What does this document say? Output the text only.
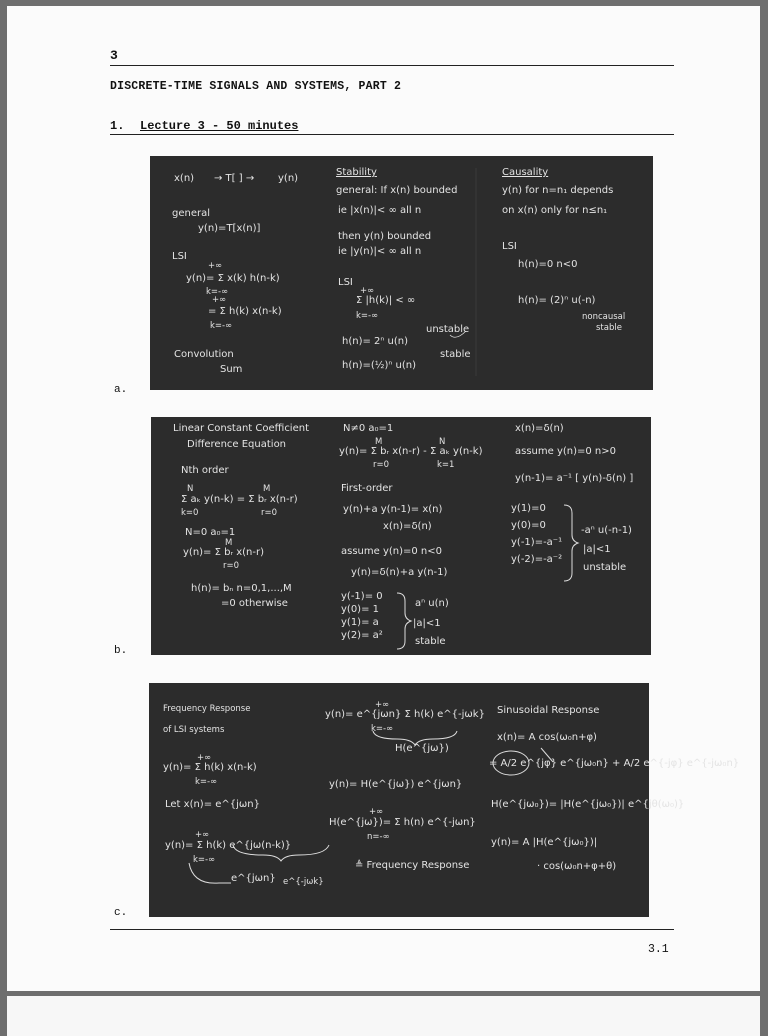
3
DISCRETE-TIME SIGNALS AND SYSTEMS, PART 2
1. Lecture 3 - 50 minutes
x(n) → T[ ] → y(n)
general
y(n)=T[x(n)]
LSI
y(n)= Σ x(k) h(n-k)
k=-∞
+∞
= Σ h(k) x(n-k)
k=-∞
+∞
Convolution
Sum
Stability
general: If x(n) bounded
ie |x(n)|< ∞ all n
then y(n) bounded
ie |y(n)|< ∞ all n
LSI
Σ |h(k)| < ∞
k=-∞
+∞
h(n)= 2ⁿ u(n)
unstable
h(n)=(½)ⁿ u(n)
stable
Causality
y(n) for n=n₁ depends
on x(n) only for n≤n₁
LSI
h(n)=0 n<0
h(n)= (2)ⁿ u(-n)
noncausal
stable
a.
Linear Constant Coefficient
Difference Equation
Nth order
Σ aₖ y(n-k) = Σ bᵣ x(n-r)
k=0	r=0
N	M
N=0 a₀=1
y(n)= Σ bᵣ x(n-r)
r=0
M
h(n)= bₙ n=0,1,...,M
=0 otherwise
N≠0 a₀=1
y(n)= Σ bᵣ x(n-r) - Σ aₖ y(n-k)
r=0	k=1
M	N
First-order
y(n)+a y(n-1)= x(n)
x(n)=δ(n)
assume y(n)=0 n<0
y(n)=δ(n)+a y(n-1)
y(-1)= 0
y(0)= 1
y(1)= a
y(2)= a²
aⁿ u(n)
|a|<1
stable
x(n)=δ(n)
assume y(n)=0 n>0
y(n-1)= a⁻¹ [ y(n)-δ(n) ]
y(1)=0
y(0)=0
y(-1)=-a⁻¹
y(-2)=-a⁻²
-aⁿ u(-n-1)
|a|<1
unstable
b.
Frequency Response
of LSI systems
y(n)= Σ h(k) x(n-k)
k=-∞
+∞
Let x(n)= e^{jωn}
y(n)= Σ h(k) e^{jω(n-k)}
k=-∞
+∞
e^{jωn} e^{-jωk}
y(n)= e^{jωn} Σ h(k) e^{-jωk}
k=-∞
+∞
H(e^{jω})
y(n)= H(e^{jω}) e^{jωn}
H(e^{jω})= Σ h(n) e^{-jωn}
n=-∞
+∞
≜ Frequency Response
Sinusoidal Response
x(n)= A cos(ω₀n+φ)
= A/2 e^{jφ} e^{jω₀n} + A/2 e^{-jφ} e^{-jω₀n}
H(e^{jω₀})= |H(e^{jω₀})| e^{jθ(ω₀)}
y(n)= A |H(e^{jω₀})|
· cos(ω₀n+φ+θ)
c.
3.1
